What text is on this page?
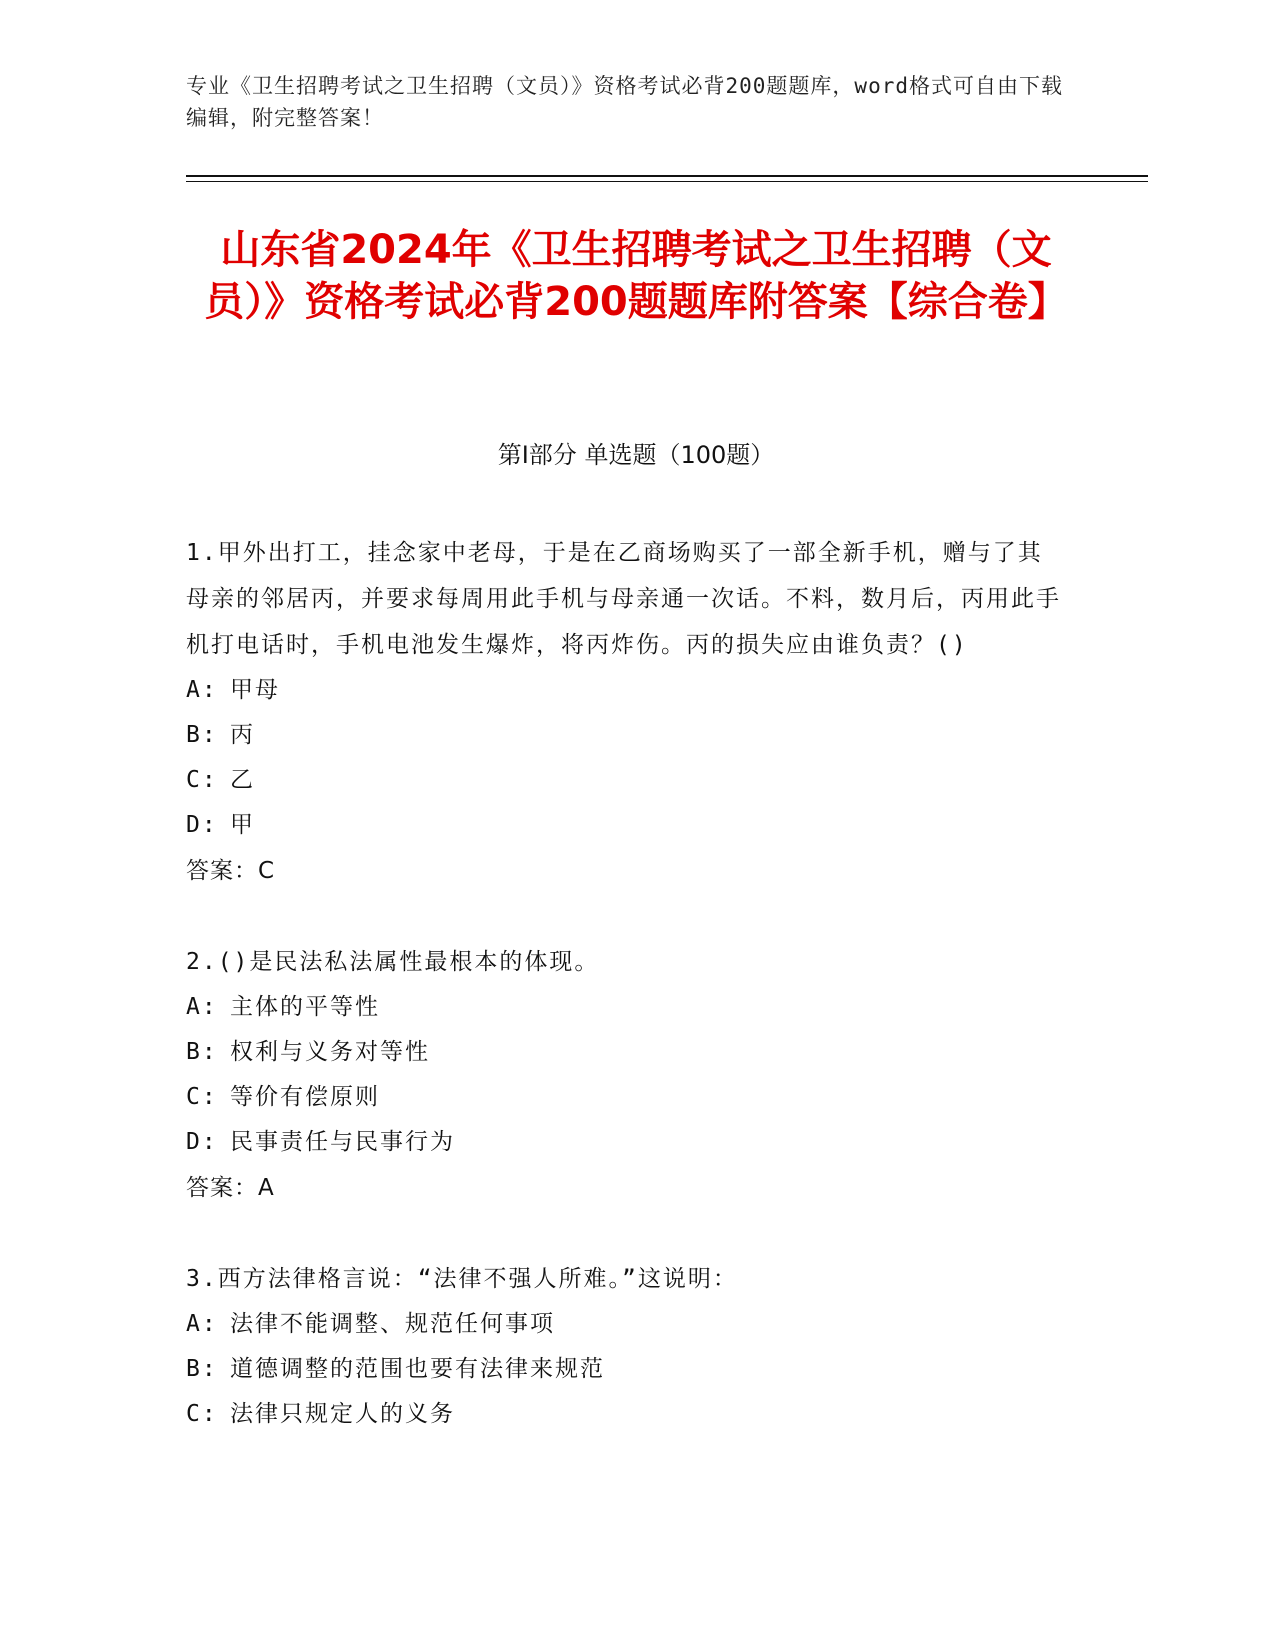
专业《卫生招聘考试之卫生招聘（文员）》资格考试必背200题题库，word格式可自由下载编辑，附完整答案！
山东省2024年《卫生招聘考试之卫生招聘（文员）》资格考试必背200题题库附答案【综合卷】
第I部分 单选题（100题）

1.甲外出打工，挂念家中老母，于是在乙商场购买了一部全新手机，赠与了其母亲的邻居丙，并要求每周用此手机与母亲通一次话。不料，数月后，丙用此手机打电话时，手机电池发生爆炸，将丙炸伤。丙的损失应由谁负责？()

A: 甲母
B: 丙
C: 乙
D: 甲
答案：C

2.()是民法私法属性最根本的体现。

A: 主体的平等性
B: 权利与义务对等性
C: 等价有偿原则
D: 民事责任与民事行为
答案：A

3.西方法律格言说：“法律不强人所难。”这说明：

A: 法律不能调整、规范任何事项
B: 道德调整的范围也要有法律来规范
C: 法律只规定人的义务
